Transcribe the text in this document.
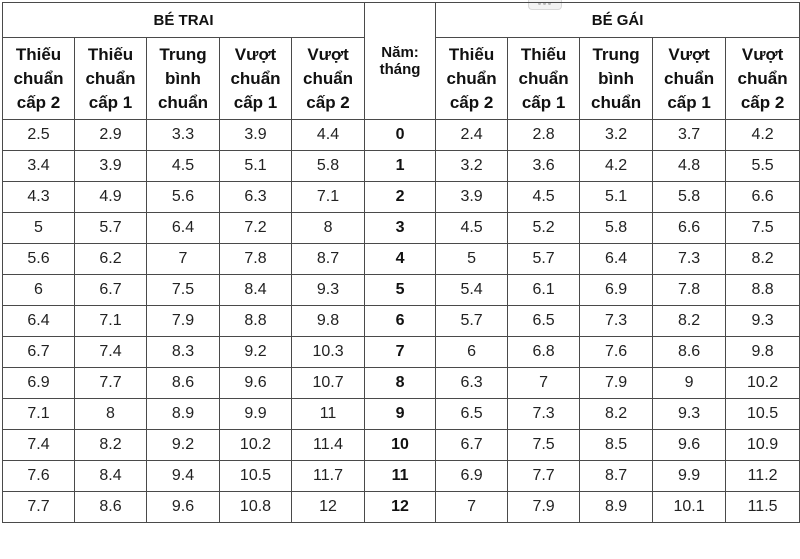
BÉ TRAI					Năm: tháng	BÉ GÁI				
Thiếu chuẩn cấp 2	Thiếu chuẩn cấp 1	Trung bình chuẩn	Vượt chuẩn cấp 1	Vượt chuẩn cấp 2		Thiếu chuẩn cấp 2	Thiếu chuẩn cấp 1	Trung bình chuẩn	Vượt chuẩn cấp 1	Vượt chuẩn cấp 2
2.5	2.9	3.3	3.9	4.4	0	2.4	2.8	3.2	3.7	4.2
3.4	3.9	4.5	5.1	5.8	1	3.2	3.6	4.2	4.8	5.5
4.3	4.9	5.6	6.3	7.1	2	3.9	4.5	5.1	5.8	6.6
5	5.7	6.4	7.2	8	3	4.5	5.2	5.8	6.6	7.5
5.6	6.2	7	7.8	8.7	4	5	5.7	6.4	7.3	8.2
6	6.7	7.5	8.4	9.3	5	5.4	6.1	6.9	7.8	8.8
6.4	7.1	7.9	8.8	9.8	6	5.7	6.5	7.3	8.2	9.3
6.7	7.4	8.3	9.2	10.3	7	6	6.8	7.6	8.6	9.8
6.9	7.7	8.6	9.6	10.7	8	6.3	7	7.9	9	10.2
7.1	8	8.9	9.9	11	9	6.5	7.3	8.2	9.3	10.5
7.4	8.2	9.2	10.2	11.4	10	6.7	7.5	8.5	9.6	10.9
7.6	8.4	9.4	10.5	11.7	11	6.9	7.7	8.7	9.9	11.2
7.7	8.6	9.6	10.8	12	12	7	7.9	8.9	10.1	11.5
